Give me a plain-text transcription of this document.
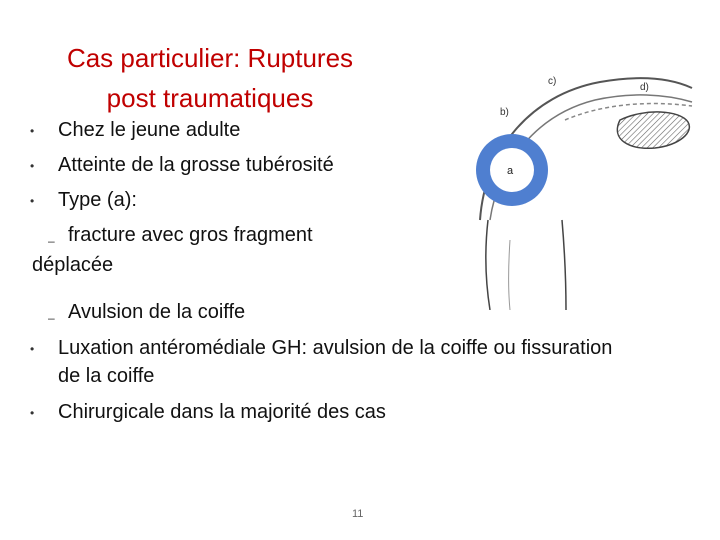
Cas particulier: Ruptures
post traumatiques
c)
d)
b)
a
• Chez le jeune adulte
• Atteinte de la grosse tubérosité
• Type (a):
– fracture avec gros fragment
déplacée
– Avulsion de la coiffe
• Luxation antéromédiale GH: avulsion de la coiffe ou fissuration
de la coiffe
• Chirurgicale dans la majorité des cas
11
